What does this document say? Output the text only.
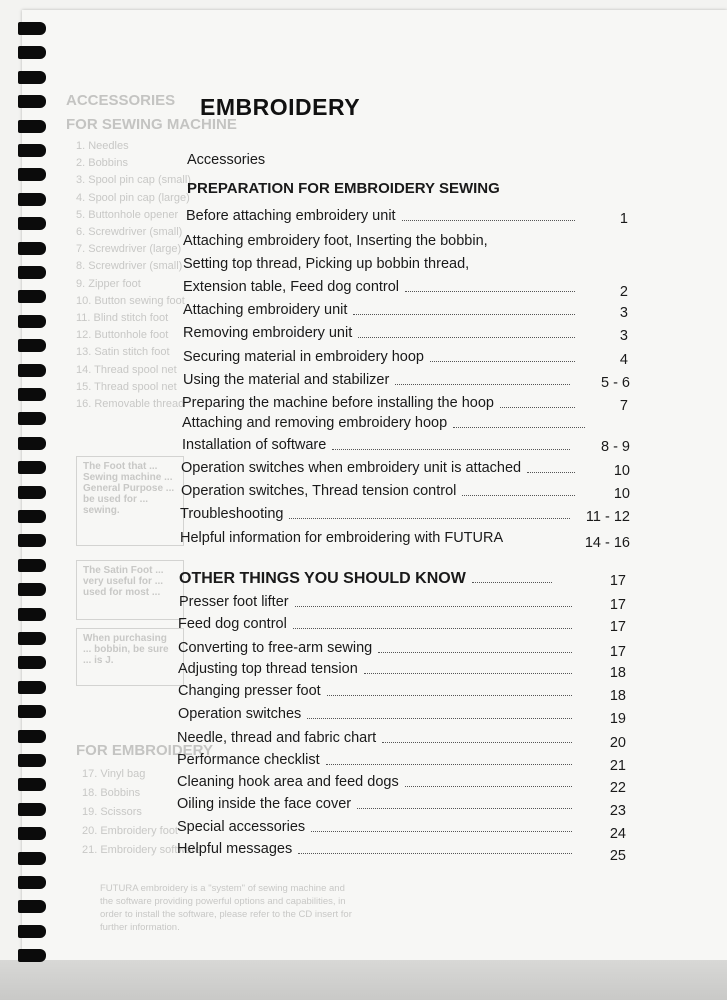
ACCESSORIES
FOR SEWING MACHINE
1. Needles
2. Bobbins
3. Spool pin cap (small)
4. Spool pin cap (large)
5. Buttonhole opener
6. Screwdriver (small)
7. Screwdriver (large)
8. Screwdriver (small)
9. Zipper foot
10. Button sewing foot
11. Blind stitch foot
12. Buttonhole foot
13. Satin stitch foot
14. Thread spool net
15. Thread spool net
16. Removable thread
The Foot that ... Sewing machine ... General Purpose ... be used for ... sewing.
The Satin Foot ... very useful for ... used for most ...
When purchasing ... bobbin, be sure ... is J.
FOR EMBROIDERY
17. Vinyl bag
18. Bobbins
19. Scissors
20. Embroidery foot
21. Embroidery software
FUTURA embroidery is a "system" of sewing machine and the software providing powerful options and capabilities, in order to install the software, please refer to the CD insert for further information.
EMBROIDERY
Accessories
PREPARATION FOR EMBROIDERY SEWING
Before attaching embroidery unit	1
Attaching embroidery foot, Inserting the bobbin,
Setting top thread, Picking up bobbin thread,
Extension table, Feed dog control	2
Attaching embroidery unit	3
Removing embroidery unit	3
Securing material in embroidery hoop	4
Using the material and stabilizer	5 - 6
Preparing the machine before installing the hoop	7
Attaching and removing embroidery hoop
Installation of software	8 - 9
Operation switches when embroidery unit is attached	10
Operation switches, Thread tension control	10
Troubleshooting	11 - 12
Helpful information for embroidering with FUTURA	14 - 16
OTHER THINGS YOU SHOULD KNOW	17
Presser foot lifter	17
Feed dog control	17
Converting to free-arm sewing	17
Adjusting top thread tension	18
Changing presser foot	18
Operation switches	19
Needle, thread and fabric chart	20
Performance checklist	21
Cleaning hook area and feed dogs	22
Oiling inside the face cover	23
Special accessories	24
Helpful messages	25
